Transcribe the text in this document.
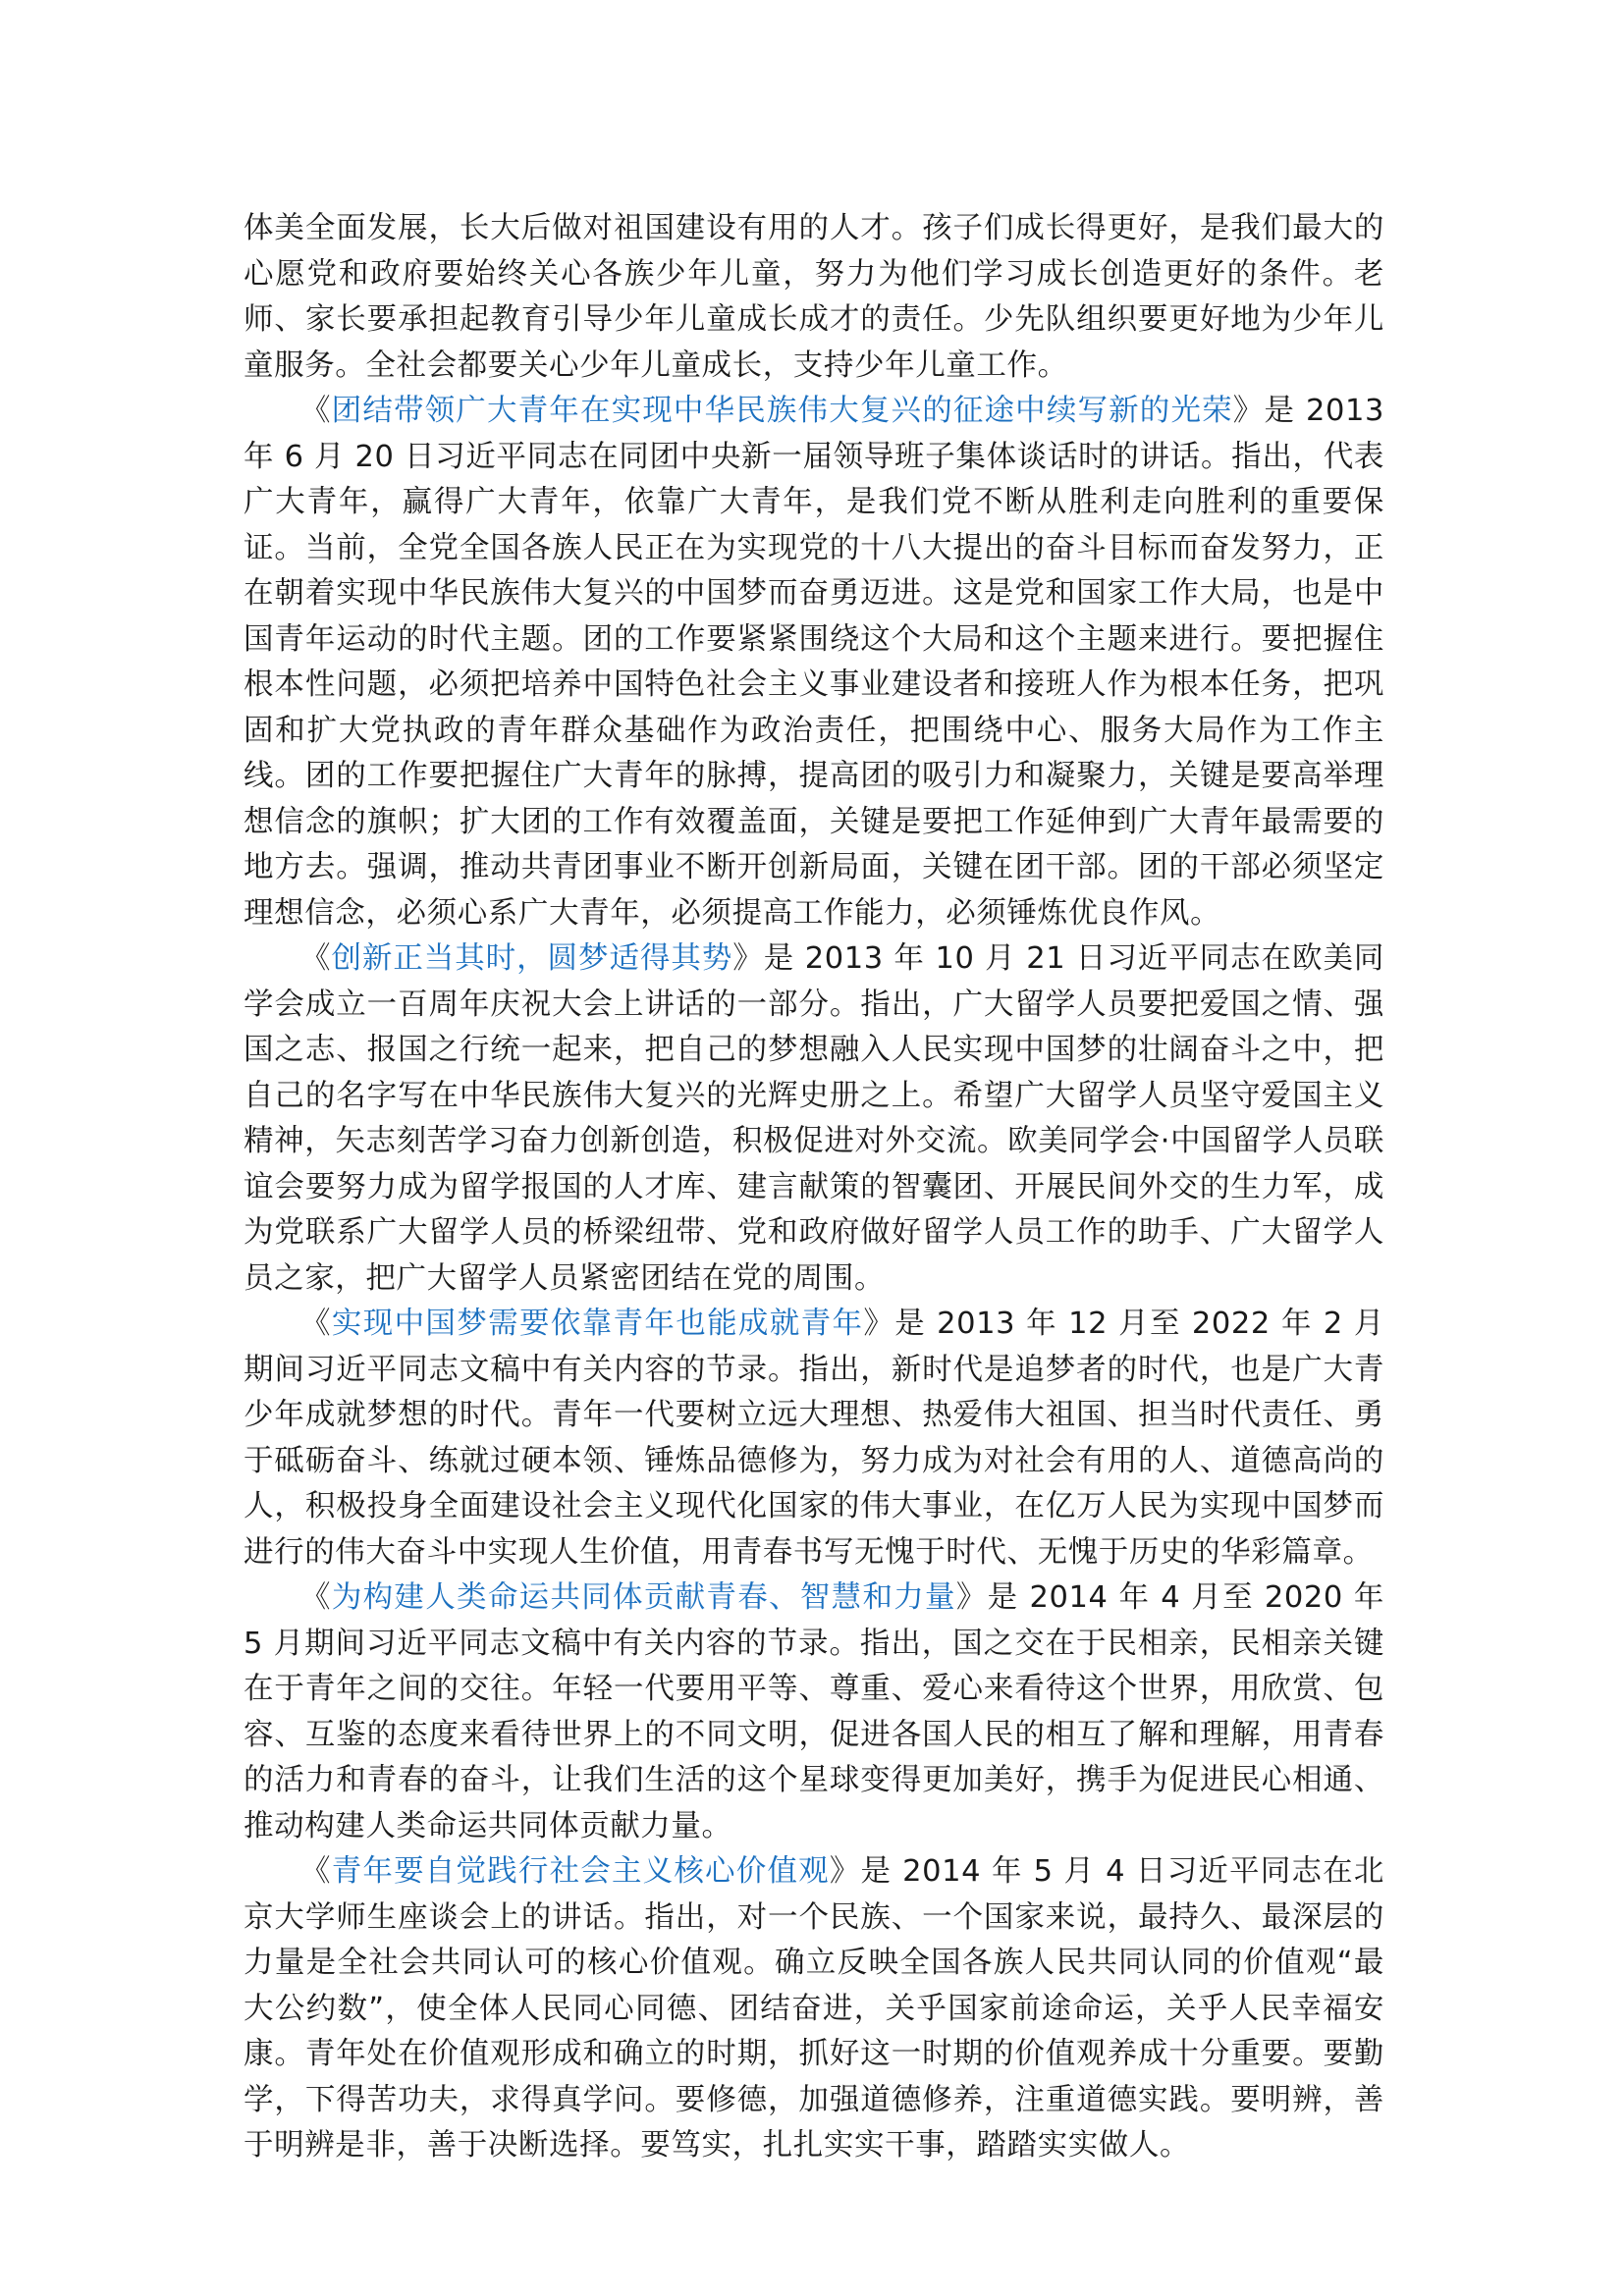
体美全面发展，长大后做对祖国建设有用的人才。孩子们成长得更好，是我们最大的心愿党和政府要始终关心各族少年儿童，努力为他们学习成长创造更好的条件。老师、家长要承担起教育引导少年儿童成长成才的责任。少先队组织要更好地为少年儿童服务。全社会都要关心少年儿童成长，支持少年儿童工作。

《团结带领广大青年在实现中华民族伟大复兴的征途中续写新的光荣》是 2013 年 6 月 20 日习近平同志在同团中央新一届领导班子集体谈话时的讲话。指出，代表广大青年，赢得广大青年，依靠广大青年，是我们党不断从胜利走向胜利的重要保证。当前，全党全国各族人民正在为实现党的十八大提出的奋斗目标而奋发努力，正在朝着实现中华民族伟大复兴的中国梦而奋勇迈进。这是党和国家工作大局，也是中国青年运动的时代主题。团的工作要紧紧围绕这个大局和这个主题来进行。要把握住根本性问题，必须把培养中国特色社会主义事业建设者和接班人作为根本任务，把巩固和扩大党执政的青年群众基础作为政治责任，把围绕中心、服务大局作为工作主线。团的工作要把握住广大青年的脉搏，提高团的吸引力和凝聚力，关键是要高举理想信念的旗帜；扩大团的工作有效覆盖面，关键是要把工作延伸到广大青年最需要的地方去。强调，推动共青团事业不断开创新局面，关键在团干部。团的干部必须坚定理想信念，必须心系广大青年，必须提高工作能力，必须锤炼优良作风。

《创新正当其时，圆梦适得其势》是 2013 年 10 月 21 日习近平同志在欧美同学会成立一百周年庆祝大会上讲话的一部分。指出，广大留学人员要把爱国之情、强国之志、报国之行统一起来，把自己的梦想融入人民实现中国梦的壮阔奋斗之中，把自己的名字写在中华民族伟大复兴的光辉史册之上。希望广大留学人员坚守爱国主义精神，矢志刻苦学习奋力创新创造，积极促进对外交流。欧美同学会·中国留学人员联谊会要努力成为留学报国的人才库、建言献策的智囊团、开展民间外交的生力军，成为党联系广大留学人员的桥梁纽带、党和政府做好留学人员工作的助手、广大留学人员之家，把广大留学人员紧密团结在党的周围。

《实现中国梦需要依靠青年也能成就青年》是 2013 年 12 月至 2022 年 2 月期间习近平同志文稿中有关内容的节录。指出，新时代是追梦者的时代，也是广大青少年成就梦想的时代。青年一代要树立远大理想、热爱伟大祖国、担当时代责任、勇于砥砺奋斗、练就过硬本领、锤炼品德修为，努力成为对社会有用的人、道德高尚的人，积极投身全面建设社会主义现代化国家的伟大事业，在亿万人民为实现中国梦而进行的伟大奋斗中实现人生价值，用青春书写无愧于时代、无愧于历史的华彩篇章。

《为构建人类命运共同体贡献青春、智慧和力量》是 2014 年 4 月至 2020 年 5 月期间习近平同志文稿中有关内容的节录。指出，国之交在于民相亲，民相亲关键在于青年之间的交往。年轻一代要用平等、尊重、爱心来看待这个世界，用欣赏、包容、互鉴的态度来看待世界上的不同文明，促进各国人民的相互了解和理解，用青春的活力和青春的奋斗，让我们生活的这个星球变得更加美好，携手为促进民心相通、推动构建人类命运共同体贡献力量。

《青年要自觉践行社会主义核心价值观》是 2014 年 5 月 4 日习近平同志在北京大学师生座谈会上的讲话。指出，对一个民族、一个国家来说，最持久、最深层的力量是全社会共同认可的核心价值观。确立反映全国各族人民共同认同的价值观“最大公约数”，使全体人民同心同德、团结奋进，关乎国家前途命运，关乎人民幸福安康。青年处在价值观形成和确立的时期，抓好这一时期的价值观养成十分重要。要勤学，下得苦功夫，求得真学问。要修德，加强道德修养，注重道德实践。要明辨，善于明辨是非，善于决断选择。要笃实，扎扎实实干事，踏踏实实做人。
